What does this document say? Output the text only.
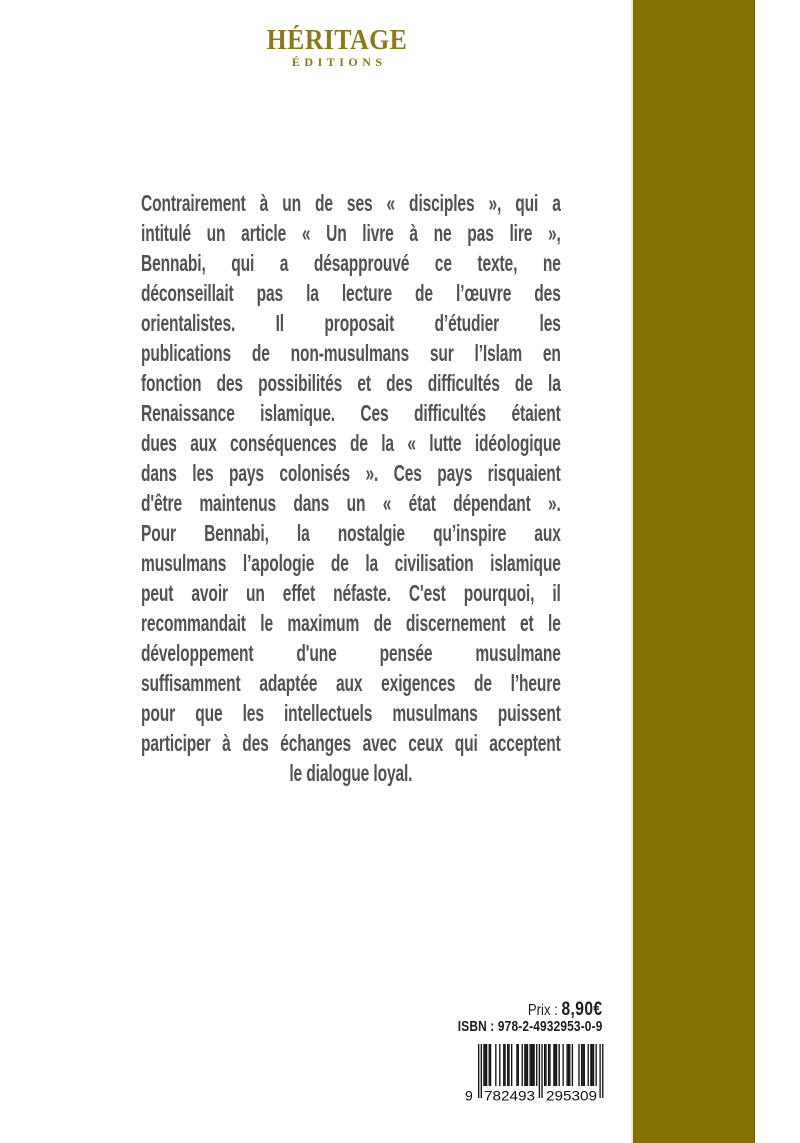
HÉRITAGE
ÉDITIONS
Contrairement à un de ses « disciples », qui a
intitulé un article « Un livre à ne pas lire »,
Bennabi, qui a désapprouvé ce texte, ne
déconseillait pas la lecture de l’œuvre des
orientalistes. Il proposait d’étudier les
publications de non-musulmans sur l’Islam en
fonction des possibilités et des difficultés de la
Renaissance islamique. Ces difficultés étaient
dues aux conséquences de la « lutte idéologique
dans les pays colonisés ». Ces pays risquaient
d'être maintenus dans un « état dépendant ».
Pour Bennabi, la nostalgie qu’inspire aux
musulmans l’apologie de la civilisation islamique
peut avoir un effet néfaste. C'est pourquoi, il
recommandait le maximum de discernement et le
développement d'une pensée musulmane
suffisamment adaptée aux exigences de l’heure
pour que les intellectuels musulmans puissent
participer à des échanges avec ceux qui acceptent
le dialogue loyal.
Prix : 8,90€
ISBN : 978-2-4932953-0-9
9 782493 295309
